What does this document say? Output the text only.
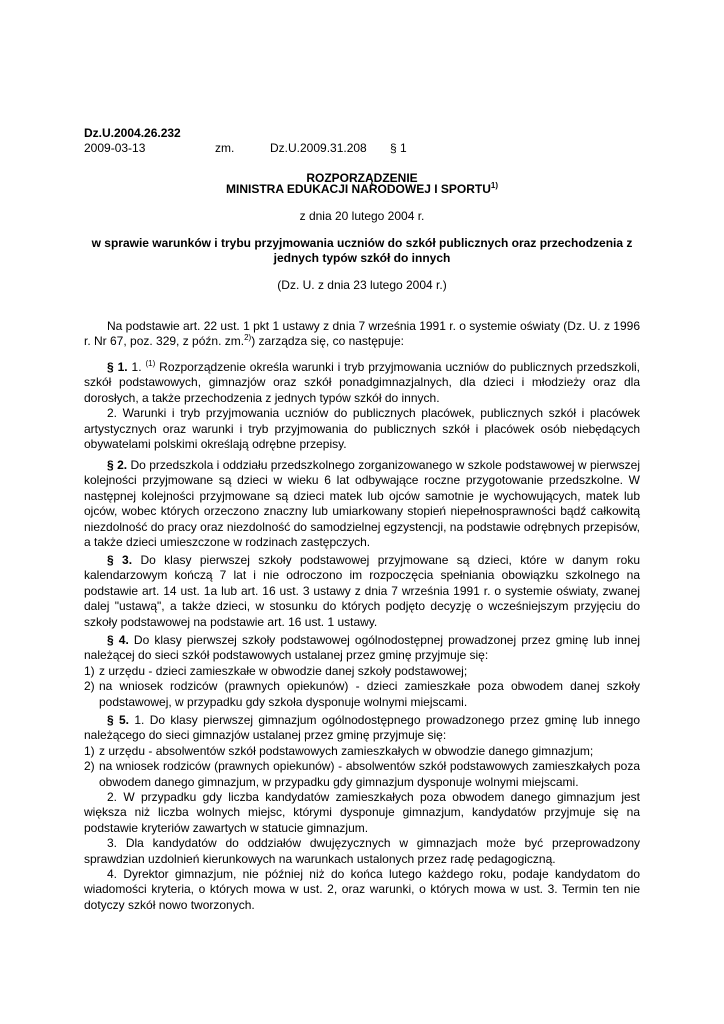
Dz.U.2004.26.232
2009-03-13	zm.	Dz.U.2009.31.208	§ 1
ROZPORZĄDZENIE
MINISTRA EDUKACJI NARODOWEJ I SPORTU$^{1)}$
z dnia 20 lutego 2004 r.
w sprawie warunków i trybu przyjmowania uczniów do szkół publicznych oraz przechodzenia z jednych typów szkół do innych
(Dz. U. z dnia 23 lutego 2004 r.)
Na podstawie art. 22 ust. 1 pkt 1 ustawy z dnia 7 września 1991 r. o systemie oświaty (Dz. U. z 1996 r. Nr 67, poz. 329, z późn. zm.$^{2)}$) zarządza się, co następuje:
§ 1. 1. $^{(1)}$ Rozporządzenie określa warunki i tryb przyjmowania uczniów do publicznych przedszkoli, szkół podstawowych, gimnazjów oraz szkół ponadgimnazjalnych, dla dzieci i młodzieży oraz dla dorosłych, a także przechodzenia z jednych typów szkół do innych.
2. Warunki i tryb przyjmowania uczniów do publicznych placówek, publicznych szkół i placówek artystycznych oraz warunki i tryb przyjmowania do publicznych szkół i placówek osób niebędących obywatelami polskimi określają odrębne przepisy.
§ 2. Do przedszkola i oddziału przedszkolnego zorganizowanego w szkole podstawowej w pierwszej kolejności przyjmowane są dzieci w wieku 6 lat odbywające roczne przygotowanie przedszkolne. W następnej kolejności przyjmowane są dzieci matek lub ojców samotnie je wychowujących, matek lub ojców, wobec których orzeczono znaczny lub umiarkowany stopień niepełnosprawności bądź całkowitą niezdolność do pracy oraz niezdolność do samodzielnej egzystencji, na podstawie odrębnych przepisów, a także dzieci umieszczone w rodzinach zastępczych.
§ 3. Do klasy pierwszej szkoły podstawowej przyjmowane są dzieci, które w danym roku kalendarzowym kończą 7 lat i nie odroczono im rozpoczęcia spełniania obowiązku szkolnego na podstawie art. 14 ust. 1a lub art. 16 ust. 3 ustawy z dnia 7 września 1991 r. o systemie oświaty, zwanej dalej "ustawą", a także dzieci, w stosunku do których podjęto decyzję o wcześniejszym przyjęciu do szkoły podstawowej na podstawie art. 16 ust. 1 ustawy.
§ 4. Do klasy pierwszej szkoły podstawowej ogólnodostępnej prowadzonej przez gminę lub innej należącej do sieci szkół podstawowych ustalanej przez gminę przyjmuje się:
1) z urzędu - dzieci zamieszkałe w obwodzie danej szkoły podstawowej;
2) na wniosek rodziców (prawnych opiekunów) - dzieci zamieszkałe poza obwodem danej szkoły podstawowej, w przypadku gdy szkoła dysponuje wolnymi miejscami.
§ 5. 1. Do klasy pierwszej gimnazjum ogólnodostępnego prowadzonego przez gminę lub innego należącego do sieci gimnazjów ustalanej przez gminę przyjmuje się:
1) z urzędu - absolwentów szkół podstawowych zamieszkałych w obwodzie danego gimnazjum;
2) na wniosek rodziców (prawnych opiekunów) - absolwentów szkół podstawowych zamieszkałych poza obwodem danego gimnazjum, w przypadku gdy gimnazjum dysponuje wolnymi miejscami.
2. W przypadku gdy liczba kandydatów zamieszkałych poza obwodem danego gimnazjum jest większa niż liczba wolnych miejsc, którymi dysponuje gimnazjum, kandydatów przyjmuje się na podstawie kryteriów zawartych w statucie gimnazjum.
3. Dla kandydatów do oddziałów dwujęzycznych w gimnazjach może być przeprowadzony sprawdzian uzdolnień kierunkowych na warunkach ustalonych przez radę pedagogiczną.
4. Dyrektor gimnazjum, nie później niż do końca lutego każdego roku, podaje kandydatom do wiadomości kryteria, o których mowa w ust. 2, oraz warunki, o których mowa w ust. 3. Termin ten nie dotyczy szkół nowo tworzonych.
